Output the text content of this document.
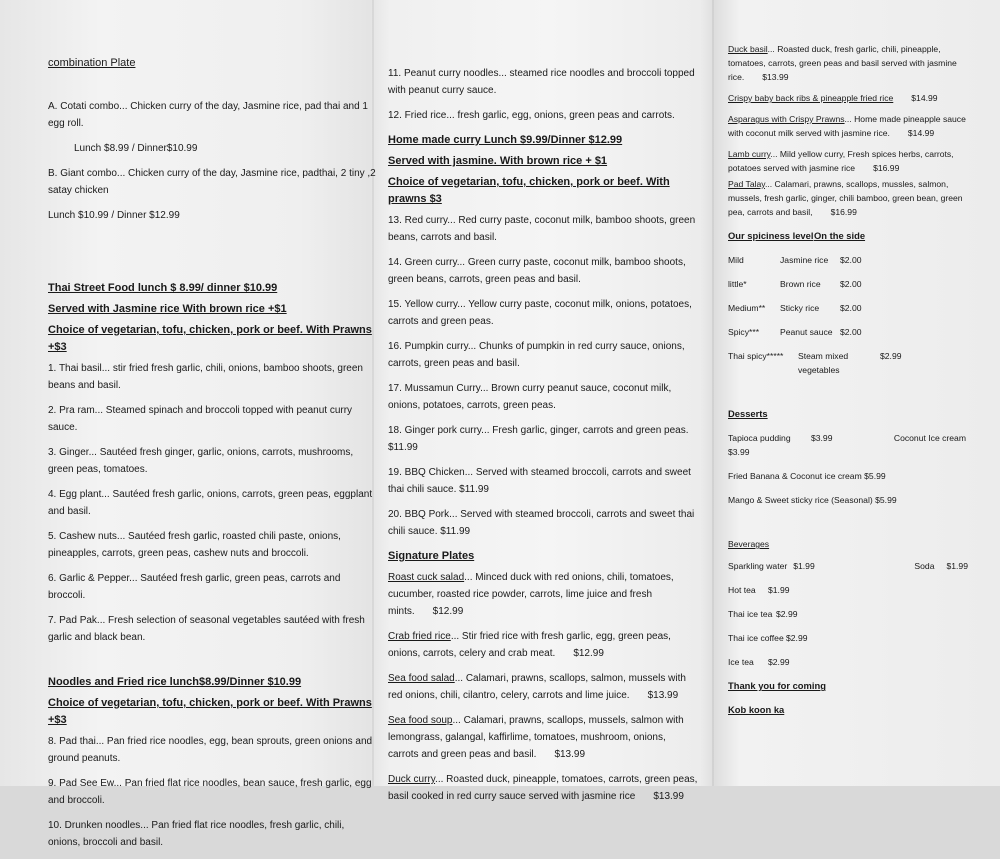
combination Plate

A. Cotati combo... Chicken curry of the day, Jasmine rice, pad thai and 1 egg roll.

Lunch $8.99 / Dinner$10.99

B. Giant combo... Chicken curry of the day, Jasmine rice, padthai, 2 tiny ,2 satay chicken

Lunch $10.99 / Dinner $12.99

Thai Street Food lunch $ 8.99/ dinner $10.99
Served with Jasmine rice With brown rice +$1
Choice of vegetarian, tofu, chicken, pork or beef. With Prawns +$3

1. Thai basil... stir fried fresh garlic, chili, onions, bamboo shoots, green beans and basil.

2. Pra ram... Steamed spinach and broccoli topped with peanut curry sauce.

3. Ginger... Sautéed fresh ginger, garlic, onions, carrots, mushrooms, green peas, tomatoes.

4. Egg plant... Sautéed fresh garlic, onions, carrots, green peas, eggplant and basil.

5. Cashew nuts... Sautéed fresh garlic, roasted chili paste, onions, pineapples, carrots, green peas, cashew nuts and broccoli.

6. Garlic & Pepper... Sautéed fresh garlic, green peas, carrots and broccoli.

7. Pad Pak... Fresh selection of seasonal vegetables sautéed with fresh garlic and black bean.

Noodles and Fried rice lunch$8.99/Dinner $10.99
Choice of vegetarian, tofu, chicken, pork or beef. With Prawns +$3

8. Pad thai... Pan fried rice noodles, egg, bean sprouts, green onions and ground peanuts.

9. Pad See Ew... Pan fried flat rice noodles, bean sauce, fresh garlic, egg and broccoli.

10. Drunken noodles... Pan fried flat rice noodles, fresh garlic, chili, onions, broccoli and basil.

11. Peanut curry noodles... steamed rice noodles and broccoli topped with peanut curry sauce.

12. Fried rice... fresh garlic, egg, onions, green peas and carrots.

Home made curry Lunch $9.99/Dinner $12.99
Served with jasmine. With brown rice + $1
Choice of vegetarian, tofu, chicken, pork or beef. With prawns $3

13. Red curry... Red curry paste, coconut milk, bamboo shoots, green beans, carrots and basil.

14. Green curry... Green curry paste, coconut milk, bamboo shoots, green beans, carrots, green peas and basil.

15. Yellow curry... Yellow curry paste, coconut milk, onions, potatoes, carrots and green peas.

16. Pumpkin curry... Chunks of pumpkin in red curry sauce, onions, carrots, green peas and basil.

17. Mussamun Curry... Brown curry peanut sauce, coconut milk, onions, potatoes, carrots, green peas.

18. Ginger pork curry... Fresh garlic, ginger, carrots and green peas. $11.99

19. BBQ Chicken... Served with steamed broccoli, carrots and sweet thai chili sauce. $11.99

20. BBQ Pork... Served with steamed broccoli, carrots and sweet thai chili sauce. $11.99

Signature Plates

Roast cuck salad... Minced duck with red onions, chili, tomatoes, cucumber, roasted rice powder, carrots, lime juice and fresh mints. $12.99

Crab fried rice... Stir fried rice with fresh garlic, egg, green peas, onions, carrots, celery and crab meat. $12.99

Sea food salad... Calamari, prawns, scallops, salmon, mussels with red onions, chili, cilantro, celery, carrots and lime juice. $13.99

Sea food soup... Calamari, prawns, scallops, mussels, salmon with lemongrass, galangal, kaffirlime, tomatoes, mushroom, onions, carrots and green peas and basil. $13.99

Duck curry... Roasted duck, pineapple, tomatoes, carrots, green peas, basil cooked in red curry sauce served with jasmine rice $13.99

Duck basil... Roasted duck, fresh garlic, chili, pineapple, tomatoes, carrots, green peas and basil served with jasmine rice. $13.99

Crispy baby back ribs & pineapple fried rice $14.99

Asparagus with Crispy Prawns... Home made pineapple sauce with coconut milk served with jasmine rice. $14.99

Lamb curry... Mild yellow curry, Fresh spices herbs, carrots, potatoes served with jasmine rice $16.99

Pad Talay... Calamari, prawns, scallops, mussles, salmon, mussels, fresh garlic, ginger, chili bamboo, green bean, green pea, carrots and basil, $16.99

Our spiciness level On the side
Mild	Jasmine rice	$2.00
little*	Brown rice	$2.00
Medium**	Sticky rice	$2.00
Spicy***	Peanut sauce $2.00
Thai spicy*****	Steam mixed vegetables
$2.99
Desserts
Tapioca pudding $3.99	Coconut Ice cream
$3.99
Fried Banana & Coconut ice cream $5.99
Mango & Sweet sticky rice (Seasonal) $5.99
Beverages
Sparkling water $1.99	Soda $1.99
Hot tea	$1.99
Thai ice tea $2.99
Thai ice coffee $2.99
Ice tea	$2.99
Thank you for coming
Kob koon ka
